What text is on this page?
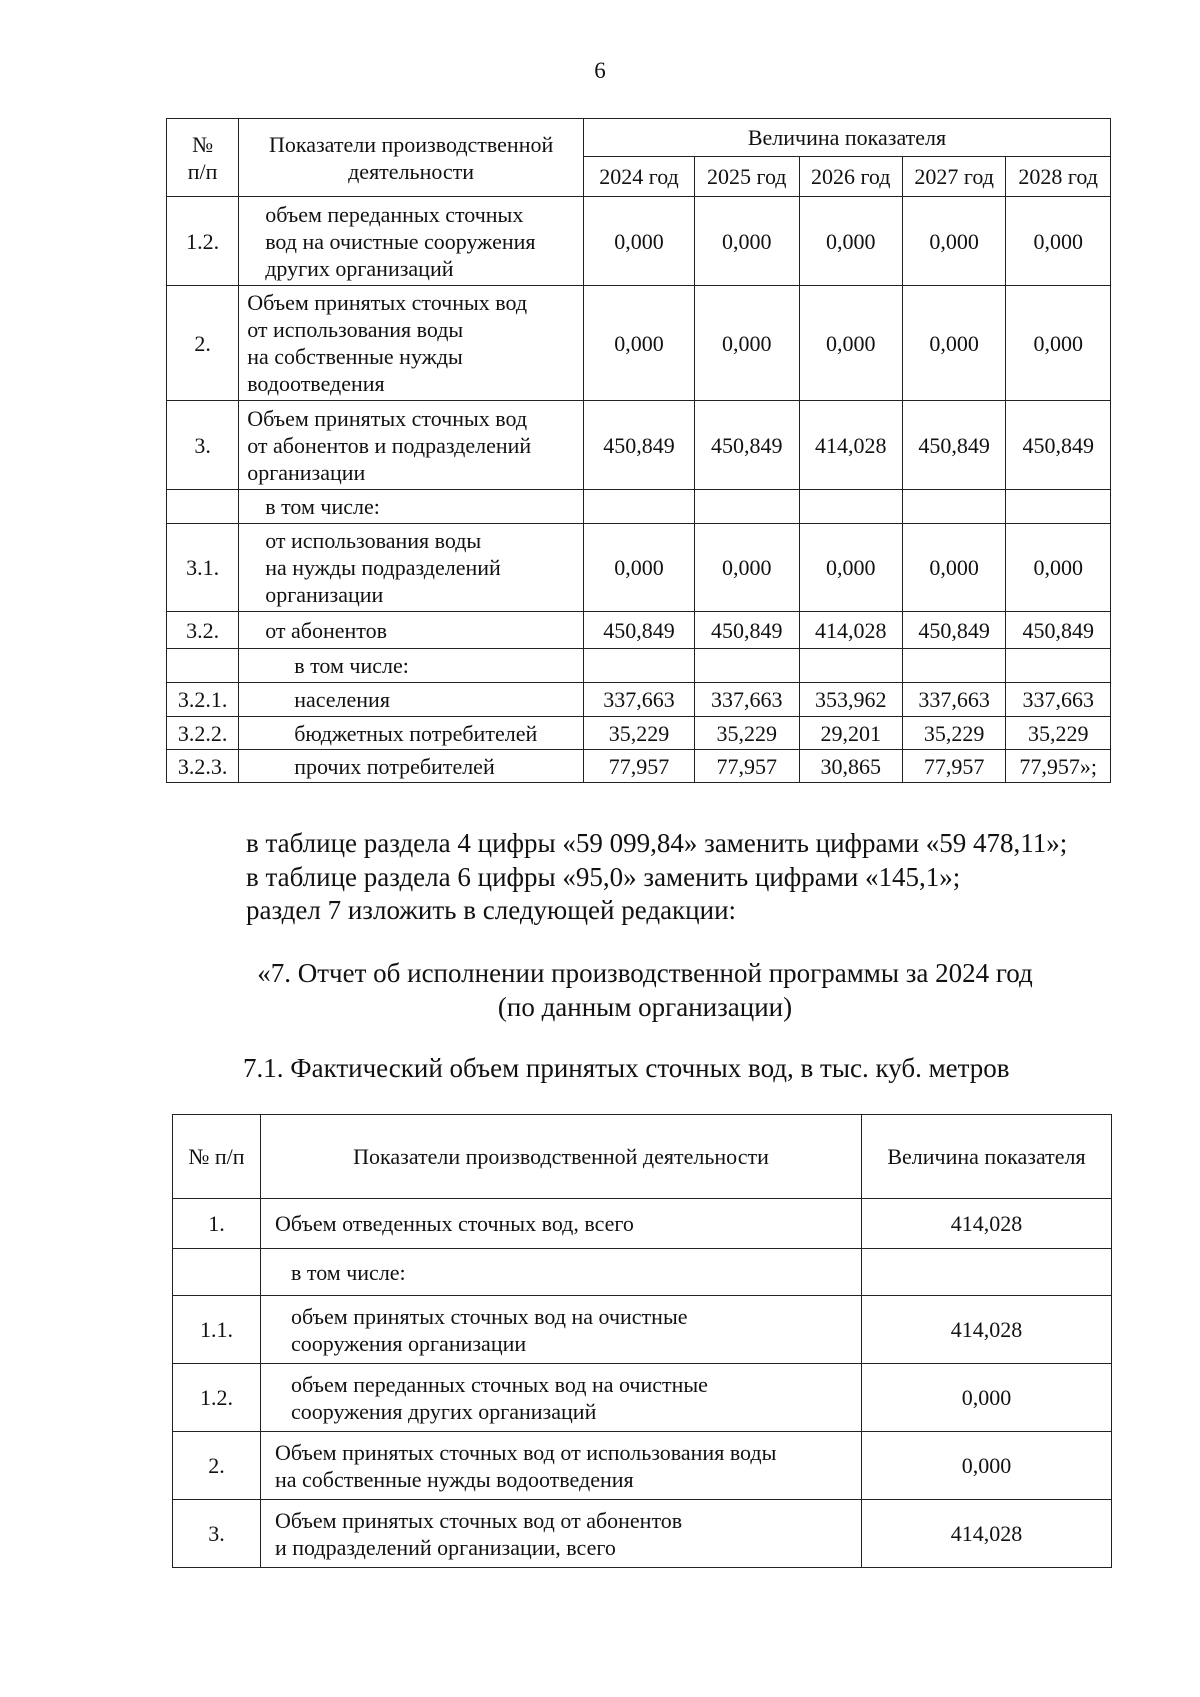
6
№
п/п	Показатели производственной
деятельности	Величина показателя				
		2024 год	2025 год	2026 год	2027 год	2028 год
1.2.	объем переданных сточных
вод на очистные сооружения
других организаций	0,000	0,000	0,000	0,000	0,000
2.	Объем принятых сточных вод
от использования воды
на собственные нужды
водоотведения	0,000	0,000	0,000	0,000	0,000
3.	Объем принятых сточных вод
от абонентов и подразделений
организации	450,849	450,849	414,028	450,849	450,849
	в том числе:					
3.1.	от использования воды
на нужды подразделений
организации	0,000	0,000	0,000	0,000	0,000
3.2.	от абонентов	450,849	450,849	414,028	450,849	450,849
	в том числе:					
3.2.1.	населения	337,663	337,663	353,962	337,663	337,663
3.2.2.	бюджетных потребителей	35,229	35,229	29,201	35,229	35,229
3.2.3.	прочих потребителей	77,957	77,957	30,865	77,957	77,957»;
в таблице раздела 4 цифры «59 099,84» заменить цифрами «59 478,11»;
в таблице раздела 6 цифры «95,0» заменить цифрами «145,1»;
раздел 7 изложить в следующей редакции:
«7. Отчет об исполнении производственной программы за 2024 год
(по данным организации)
7.1. Фактический объем принятых сточных вод, в тыс. куб. метров
№ п/п	Показатели производственной деятельности	Величина показателя
1.	Объем отведенных сточных вод, всего	414,028
	в том числе:	
1.1.	объем принятых сточных вод на очистные
сооружения организации	414,028
1.2.	объем переданных сточных вод на очистные
сооружения других организаций	0,000
2.	Объем принятых сточных вод от использования воды
на собственные нужды водоотведения	0,000
3.	Объем принятых сточных вод от абонентов
и подразделений организации, всего	414,028
